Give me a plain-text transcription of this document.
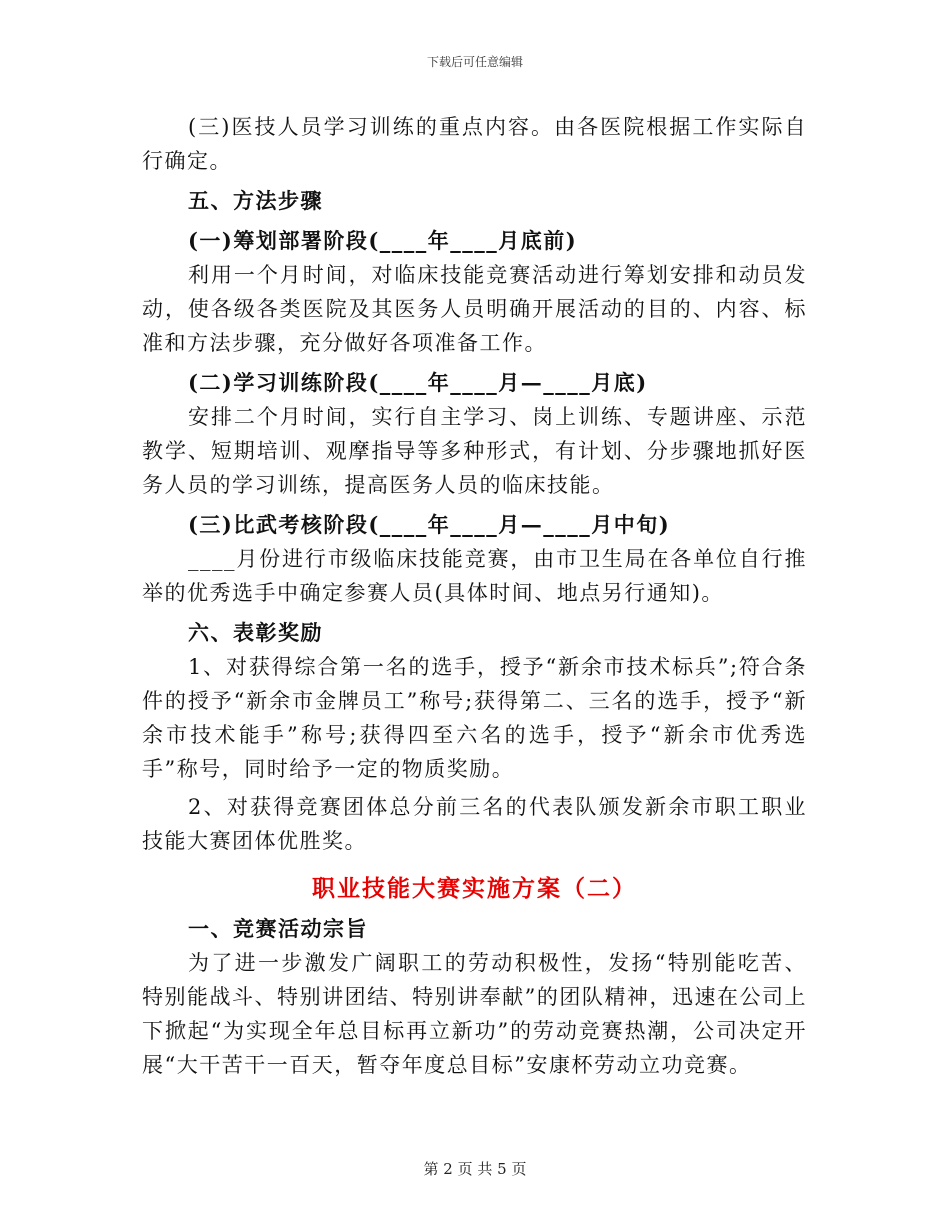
下载后可任意编辑

(三)医技人员学习训练的重点内容。由各医院根据工作实际自行确定。

五、方法步骤

(一)筹划部署阶段(____年____月底前)

利用一个月时间，对临床技能竞赛活动进行筹划安排和动员发动，使各级各类医院及其医务人员明确开展活动的目的、内容、标准和方法步骤，充分做好各项准备工作。

(二)学习训练阶段(____年____月—____月底)

安排二个月时间，实行自主学习、岗上训练、专题讲座、示范教学、短期培训、观摩指导等多种形式，有计划、分步骤地抓好医务人员的学习训练，提高医务人员的临床技能。

(三)比武考核阶段(____年____月—____月中旬)

____月份进行市级临床技能竞赛，由市卫生局在各单位自行推举的优秀选手中确定参赛人员(具体时间、地点另行通知)。

六、表彰奖励

1、对获得综合第一名的选手，授予“新余市技术标兵”;符合条件的授予“新余市金牌员工”称号;获得第二、三名的选手，授予“新余市技术能手”称号;获得四至六名的选手，授予“新余市优秀选手”称号，同时给予一定的物质奖励。

2、对获得竞赛团体总分前三名的代表队颁发新余市职工职业技能大赛团体优胜奖。

职业技能大赛实施方案（二）

一、竞赛活动宗旨

为了进一步激发广阔职工的劳动积极性，发扬“特别能吃苦、特别能战斗、特别讲团结、特别讲奉献”的团队精神，迅速在公司上下掀起“为实现全年总目标再立新功”的劳动竞赛热潮，公司决定开展“大干苦干一百天，暂夺年度总目标”安康杯劳动立功竞赛。

第 2 页 共 5 页
